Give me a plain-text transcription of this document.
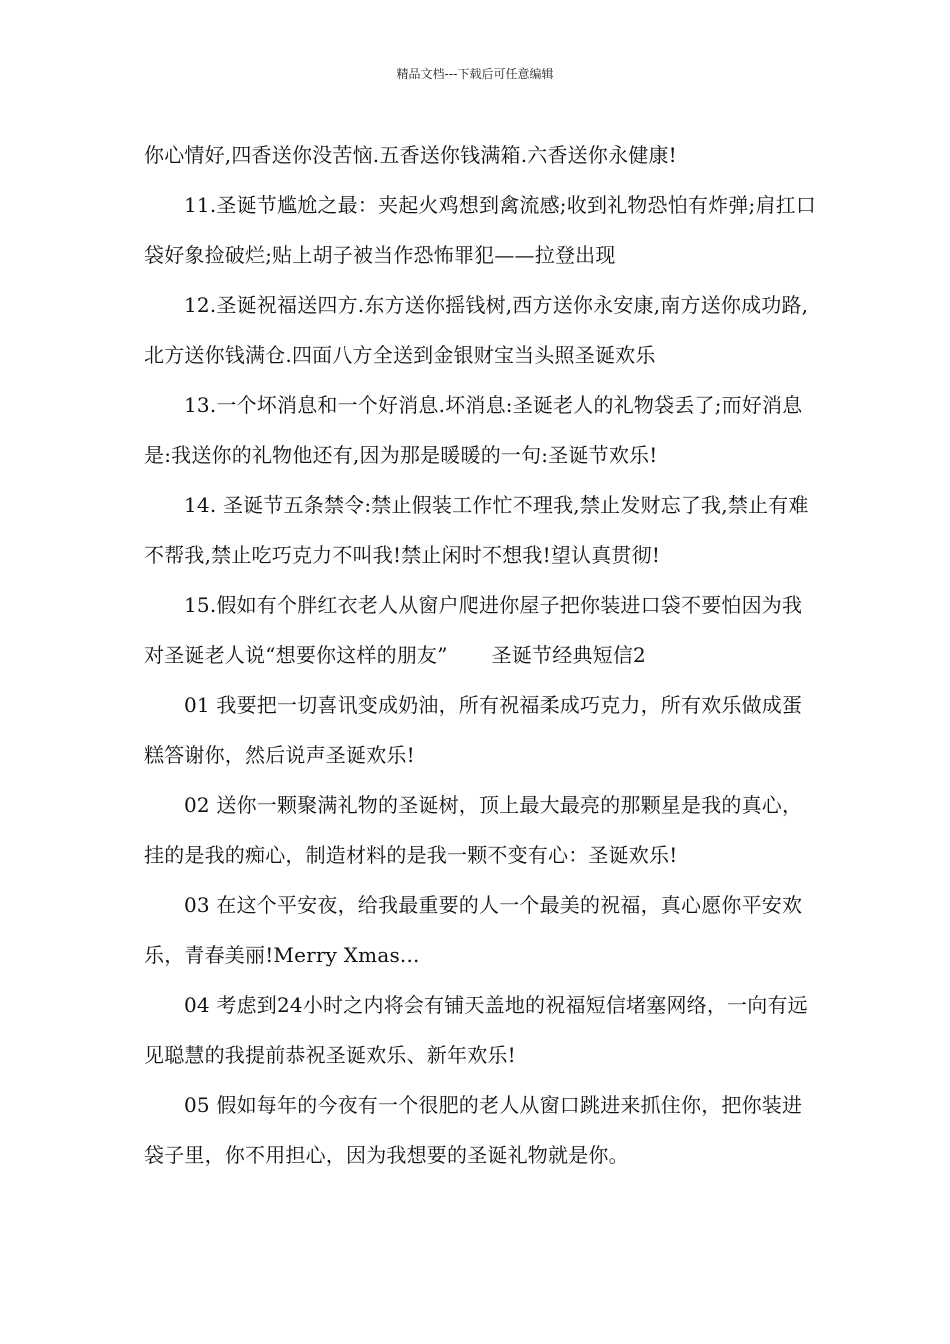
精品文档---下载后可任意编辑

你心情好,四香送你没苦恼.五香送你钱满箱.六香送你永健康!

11.圣诞节尴尬之最：夹起火鸡想到禽流感;收到礼物恐怕有炸弹;肩扛口袋好象捡破烂;贴上胡子被当作恐怖罪犯——拉登出现

12.圣诞祝福送四方.东方送你摇钱树,西方送你永安康,南方送你成功路,北方送你钱满仓.四面八方全送到金银财宝当头照圣诞欢乐

13.一个坏消息和一个好消息.坏消息:圣诞老人的礼物袋丢了;而好消息是:我送你的礼物他还有,因为那是暖暖的一句:圣诞节欢乐!

14. 圣诞节五条禁令:禁止假装工作忙不理我,禁止发财忘了我,禁止有难不帮我,禁止吃巧克力不叫我!禁止闲时不想我!望认真贯彻!

15.假如有个胖红衣老人从窗户爬进你屋子把你装进口袋不要怕因为我对圣诞老人说“想要你这样的朋友” 圣诞节经典短信2

01 我要把一切喜讯变成奶油，所有祝福柔成巧克力，所有欢乐做成蛋糕答谢你，然后说声圣诞欢乐!

02 送你一颗聚满礼物的圣诞树，顶上最大最亮的那颗星是我的真心，挂的是我的痴心，制造材料的是我一颗不变有心：圣诞欢乐!

03 在这个平安夜，给我最重要的人一个最美的祝福，真心愿你平安欢乐，青春美丽!Merry Xmas...

04 考虑到24小时之内将会有铺天盖地的祝福短信堵塞网络，一向有远见聪慧的我提前恭祝圣诞欢乐、新年欢乐!

05 假如每年的今夜有一个很肥的老人从窗口跳进来抓住你，把你装进袋子里，你不用担心，因为我想要的圣诞礼物就是你。
